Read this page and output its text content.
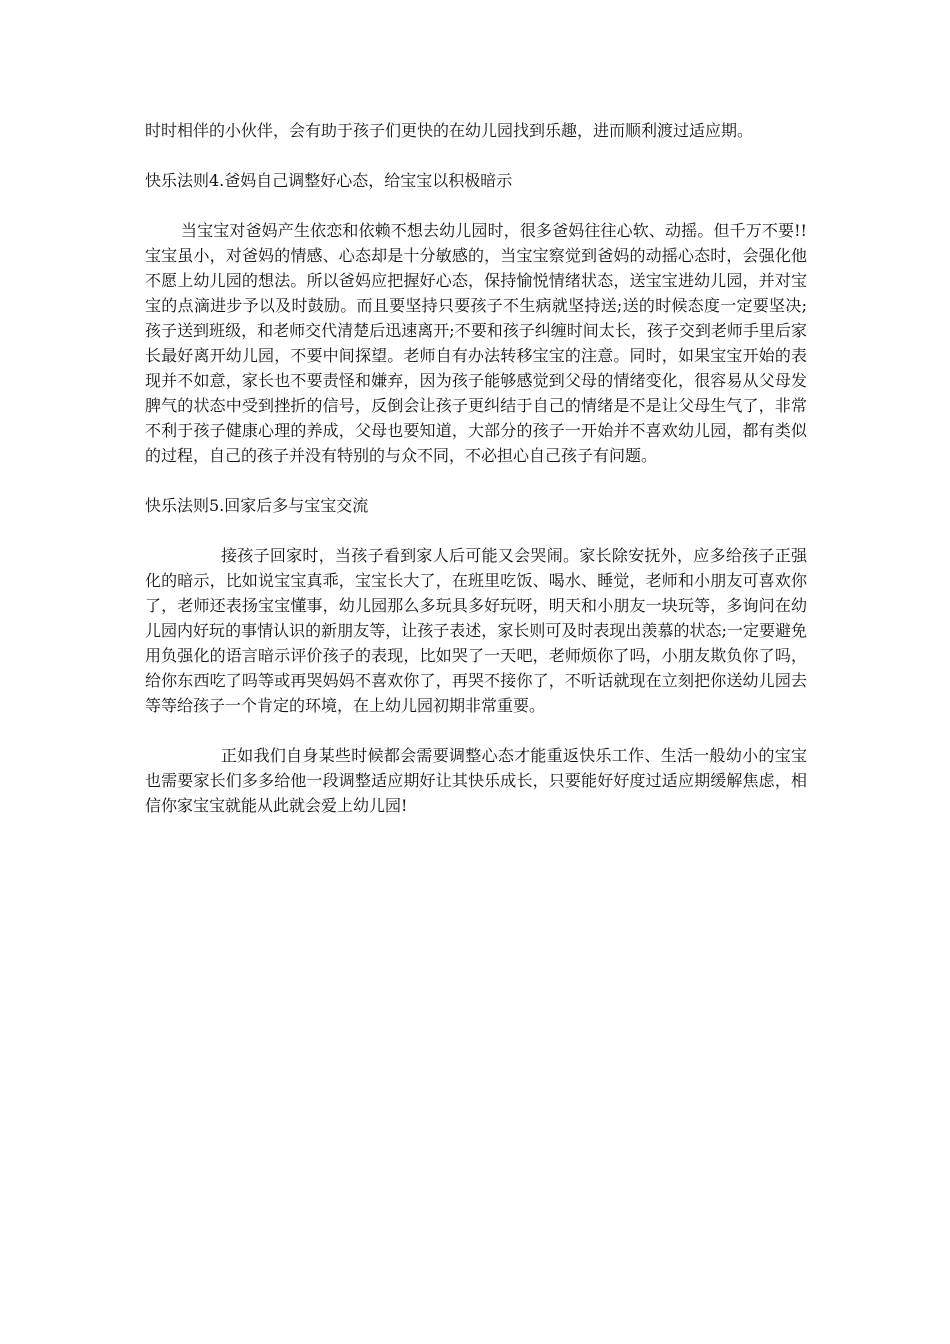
时时相伴的小伙伴，会有助于孩子们更快的在幼儿园找到乐趣，进而顺利渡过适应期。

快乐法则4.爸妈自己调整好心态，给宝宝以积极暗示

当宝宝对爸妈产生依恋和依赖不想去幼儿园时，很多爸妈往往心软、动摇。但千万不要!!宝宝虽小，对爸妈的情感、心态却是十分敏感的，当宝宝察觉到爸妈的动摇心态时，会强化他不愿上幼儿园的想法。所以爸妈应把握好心态，保持愉悦情绪状态，送宝宝进幼儿园，并对宝宝的点滴进步予以及时鼓励。而且要坚持只要孩子不生病就坚持送;送的时候态度一定要坚决;孩子送到班级，和老师交代清楚后迅速离开;不要和孩子纠缠时间太长，孩子交到老师手里后家长最好离开幼儿园，不要中间探望。老师自有办法转移宝宝的注意。同时，如果宝宝开始的表现并不如意，家长也不要责怪和嫌弃，因为孩子能够感觉到父母的情绪变化，很容易从父母发脾气的状态中受到挫折的信号，反倒会让孩子更纠结于自己的情绪是不是让父母生气了，非常不利于孩子健康心理的养成，父母也要知道，大部分的孩子一开始并不喜欢幼儿园，都有类似的过程，自己的孩子并没有特别的与众不同，不必担心自己孩子有问题。

快乐法则5.回家后多与宝宝交流

接孩子回家时，当孩子看到家人后可能又会哭闹。家长除安抚外，应多给孩子正强化的暗示，比如说宝宝真乖，宝宝长大了，在班里吃饭、喝水、睡觉，老师和小朋友可喜欢你了，老师还表扬宝宝懂事，幼儿园那么多玩具多好玩呀，明天和小朋友一块玩等，多询问在幼儿园内好玩的事情认识的新朋友等，让孩子表述，家长则可及时表现出羡慕的状态;一定要避免用负强化的语言暗示评价孩子的表现，比如哭了一天吧，老师烦你了吗，小朋友欺负你了吗，给你东西吃了吗等或再哭妈妈不喜欢你了，再哭不接你了，不听话就现在立刻把你送幼儿园去等等给孩子一个肯定的环境，在上幼儿园初期非常重要。

正如我们自身某些时候都会需要调整心态才能重返快乐工作、生活一般幼小的宝宝也需要家长们多多给他一段调整适应期好让其快乐成长，只要能好好度过适应期缓解焦虑，相信你家宝宝就能从此就会爱上幼儿园!
